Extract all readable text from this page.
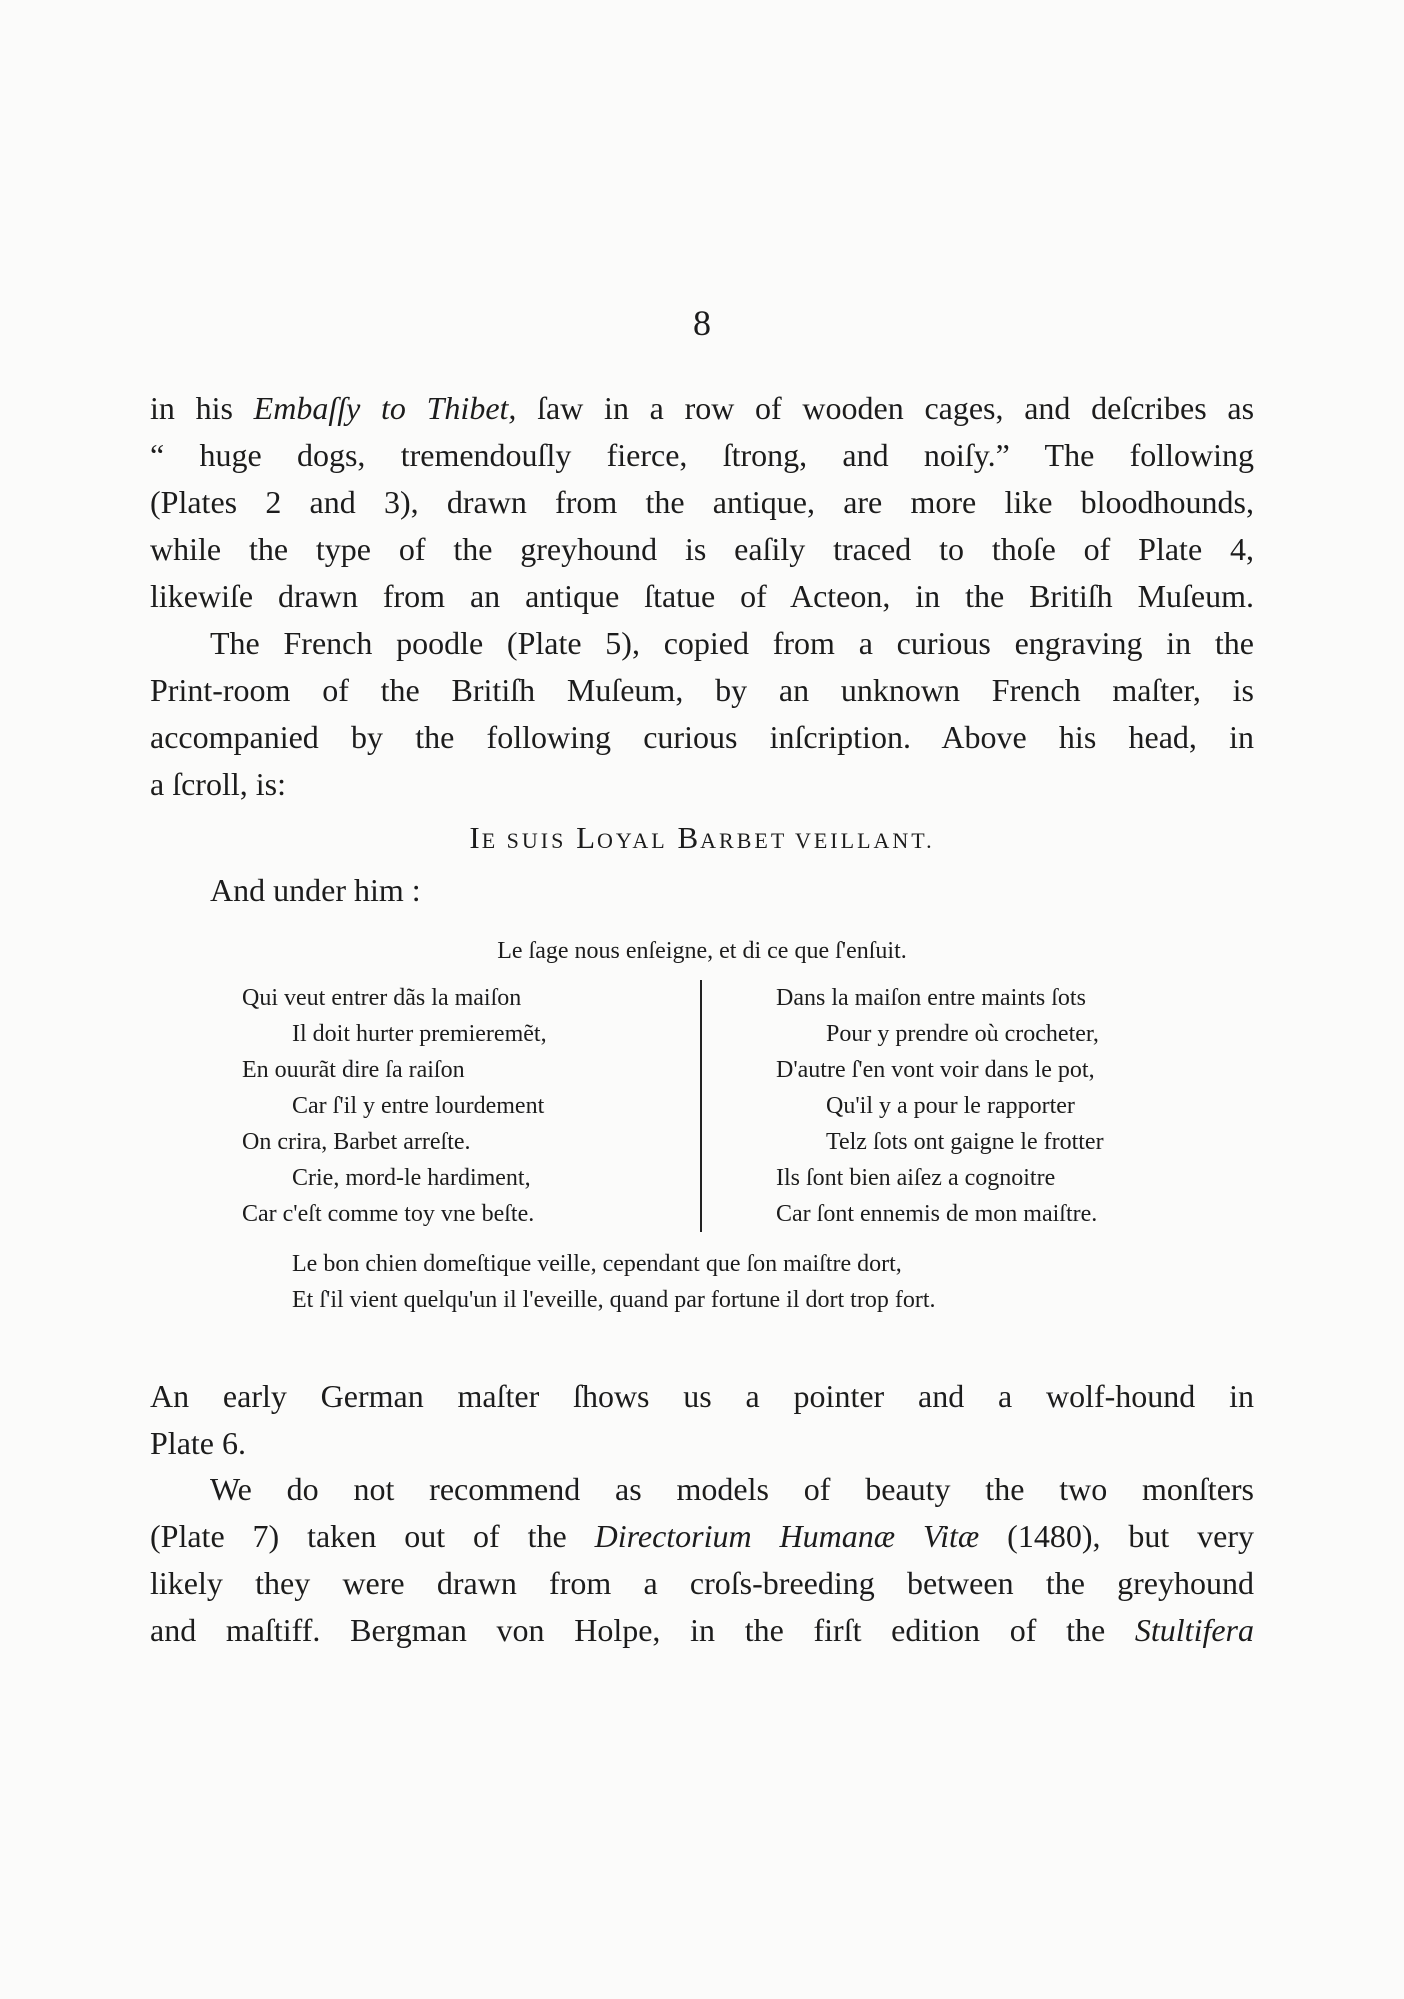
8
in his Embaſſy to Thibet, ſaw in a row of wooden cages, and deſcribes as
“ huge dogs, tremendouſly fierce, ſtrong, and noiſy.” The following
(Plates 2 and 3), drawn from the antique, are more like bloodhounds,
while the type of the greyhound is eaſily traced to thoſe of Plate 4,
likewiſe drawn from an antique ſtatue of Acteon, in the Britiſh Muſeum.
The French poodle (Plate 5), copied from a curious engraving in the
Print-room of the Britiſh Muſeum, by an unknown French maſter, is
accompanied by the following curious inſcription. Above his head, in
a ſcroll, is:
IE SUIS LOYAL BARBET VEILLANT.
And under him :
Le ſage nous enſeigne, et di ce que ſ'enſuit.
Qui veut entrer dãs la maiſon
Il doit hurter premieremẽt,
En ouurãt dire ſa raiſon
Car ſ'il y entre lourdement
On crira, Barbet arreſte.
Crie, mord-le hardiment,
Car c'eſt comme toy vne beſte.
Dans la maiſon entre maints ſots
Pour y prendre où crocheter,
D'autre ſ'en vont voir dans le pot,
Qu'il y a pour le rapporter
Telz ſots ont gaigne le frotter
Ils ſont bien aiſez a cognoitre
Car ſont ennemis de mon maiſtre.
Le bon chien domeſtique veille, cependant que ſon maiſtre dort,
Et ſ'il vient quelqu'un il l'eveille, quand par fortune il dort trop fort.
An early German maſter ſhows us a pointer and a wolf-hound in
Plate 6.
We do not recommend as models of beauty the two monſters
(Plate 7) taken out of the Directorium Humanæ Vitæ (1480), but very
likely they were drawn from a croſs-breeding between the greyhound
and maſtiff. Bergman von Holpe, in the firſt edition of the Stultifera
